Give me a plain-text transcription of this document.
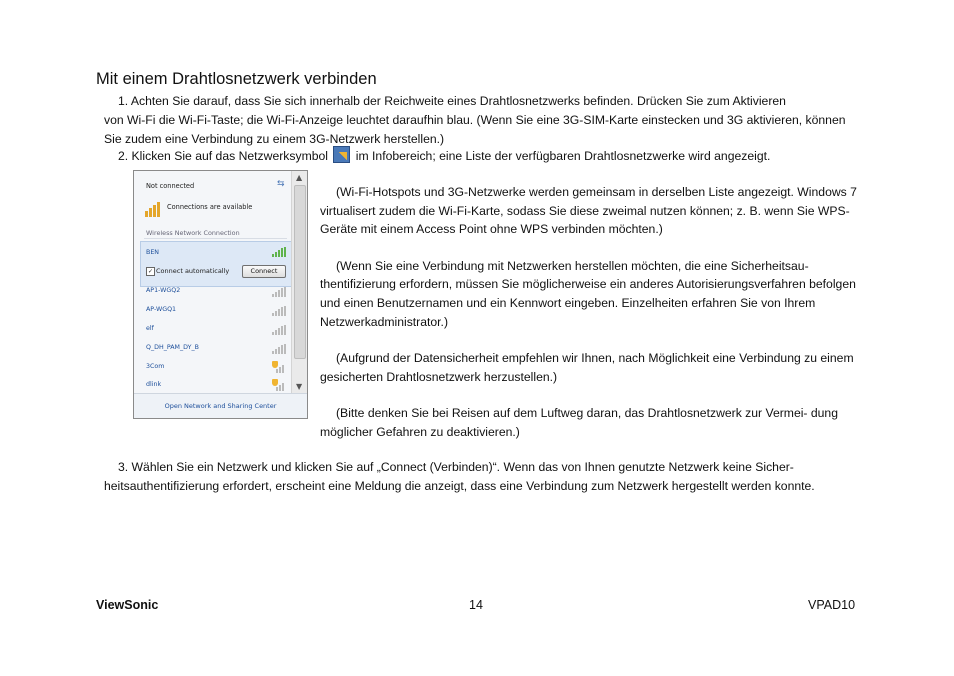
Mit einem Drahtlosnetzwerk verbinden
1. Achten Sie darauf, dass Sie sich innerhalb der Reichweite eines Drahtlosnetzwerks befinden. Drücken Sie zum Aktivieren
von Wi-Fi die Wi-Fi-Taste; die Wi-Fi-Anzeige leuchtet daraufhin blau. (Wenn Sie eine 3G-SIM-Karte einstecken und 3G aktivieren, können Sie zudem eine Verbindung zu einem 3G-Netzwerk herstellen.)
2. Klicken Sie auf das Netzwerksymbol im Infobereich; eine Liste der verfügbaren Drahtlosnetzwerke wird angezeigt.
Not connected	⇆
Connections are available
Wireless Network Connection
BEN
✓ Connect automatically	Connect
AP1-WGQ2
AP-WGQ1
elf
Q_DH_PAM_DY_B
3Com
dlink
▲
▼
Open Network and Sharing Center

(Wi-Fi-Hotspots und 3G-Netzwerke werden gemeinsam in derselben Liste angezeigt. Windows 7 virtualisert zudem die Wi-Fi-Karte, sodass Sie diese zweimal nutzen können; z. B. wenn Sie WPS-Geräte mit einem Access Point ohne WPS verbinden möchten.)

(Wenn Sie eine Verbindung mit Netzwerken herstellen möchten, die eine Sicherheitsau- thentifizierung erfordern, müssen Sie möglicherweise ein anderes Autorisierungsverfahren befolgen und einen Benutzernamen und ein Kennwort eingeben. Einzelheiten erfahren Sie von Ihrem Netzwerkadministrator.)

(Aufgrund der Datensicherheit empfehlen wir Ihnen, nach Möglichkeit eine Verbindung zu einem gesicherten Drahtlosnetzwerk herzustellen.)

(Bitte denken Sie bei Reisen auf dem Luftweg daran, das Drahtlosnetzwerk zur Vermei- dung möglicher Gefahren zu deaktivieren.)

3. Wählen Sie ein Netzwerk und klicken Sie auf „Connect (Verbinden)“. Wenn das von Ihnen genutzte Netzwerk keine Sicher-
heitsauthentifizierung erfordert, erscheint eine Meldung die anzeigt, dass eine Verbindung zum Netzwerk hergestellt werden konnte.
ViewSonic	14	VPAD10
